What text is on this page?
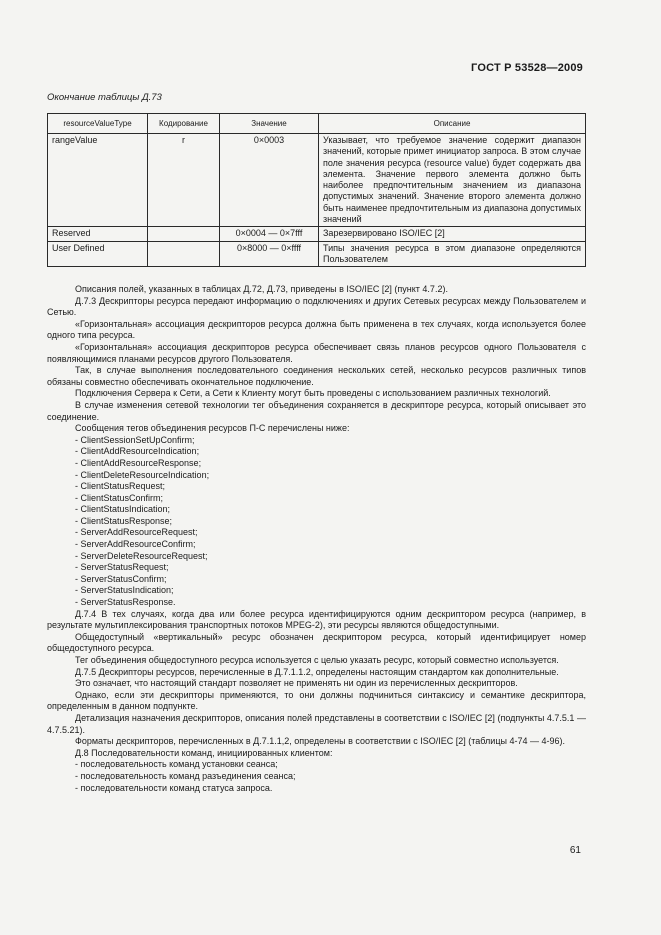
ГОСТ Р 53528—2009
Окончание таблицы Д.73
resourceValueType	Кодирование	Значение	Описание
rangeValue	r	0×0003	Указывает, что требуемое значение содержит диапазон значений, которые примет инициатор запроса. В этом случае поле значения ресурса (resource value) будет содержать два элемента. Значение первого элемента должно быть наиболее предпочтительным значением из диапазона допустимых значений. Значение второго элемента должно быть наименее предпочтительным из диапазона допустимых значений
Reserved		0×0004 — 0×7fff	Зарезервировано ISO/IEC [2]
User Defined		0×8000 — 0×ffff	Типы значения ресурса в этом диапазоне определяются Пользователем

Описания полей, указанных в таблицах Д.72, Д.73, приведены в ISO/IEC [2] (пункт 4.7.2).

Д.7.3 Дескрипторы ресурса передают информацию о подключениях и других Сетевых ресурсах между Пользователем и Сетью.

«Горизонтальная» ассоциация дескрипторов ресурса должна быть применена в тех случаях, когда используется более одного типа ресурса.

«Горизонтальная» ассоциация дескрипторов ресурса обеспечивает связь планов ресурсов одного Пользователя с появляющимися планами ресурсов другого Пользователя.

Так, в случае выполнения последовательного соединения нескольких сетей, несколько ресурсов различных типов обязаны совместно обеспечивать окончательное подключение.

Подключения Сервера к Сети, а Сети к Клиенту могут быть проведены с использованием различных технологий.

В случае изменения сетевой технологии тег объединения сохраняется в дескрипторе ресурса, который описывает это соединение.

Сообщения тегов объединения ресурсов П-С перечислены ниже:

- ClientSessionSetUpConfirm;

- ClientAddResourceIndication;

- ClientAddResourceResponse;

- ClientDeleteResourceIndication;

- ClientStatusRequest;

- ClientStatusConfirm;

- ClientStatusIndication;

- ClientStatusResponse;

- ServerAddResourceRequest;

- ServerAddResourceConfirm;

- ServerDeleteResourceRequest;

- ServerStatusRequest;

- ServerStatusConfirm;

- ServerStatusIndication;

- ServerStatusResponse.

Д.7.4 В тех случаях, когда два или более ресурса идентифицируются одним дескриптором ресурса (например, в результате мультиплексирования транспортных потоков MPEG-2), эти ресурсы являются общедоступными.

Общедоступный «вертикальный» ресурс обозначен дескриптором ресурса, который идентифицирует номер общедоступного ресурса.

Тег объединения общедоступного ресурса используется с целью указать ресурс, который совместно используется.

Д.7.5 Дескрипторы ресурсов, перечисленные в Д.7.1.1.2, определены настоящим стандартом как дополнительные.

Это означает, что настоящий стандарт позволяет не применять ни один из перечисленных дескрипторов.

Однако, если эти дескрипторы применяются, то они должны подчиниться синтаксису и семантике дескриптора, определенным в данном подпункте.

Детализация назначения дескрипторов, описания полей представлены в соответствии с ISO/IEC [2] (подпункты 4.7.5.1 — 4.7.5.21).

Форматы дескрипторов, перечисленных в Д.7.1.1,2, определены в соответствии с ISO/IEC [2] (таблицы 4-74 — 4-96).

Д.8 Последовательности команд, инициированных клиентом:

- последовательность команд установки сеанса;

- последовательность команд разъединения сеанса;

- последовательности команд статуса запроса.

61
